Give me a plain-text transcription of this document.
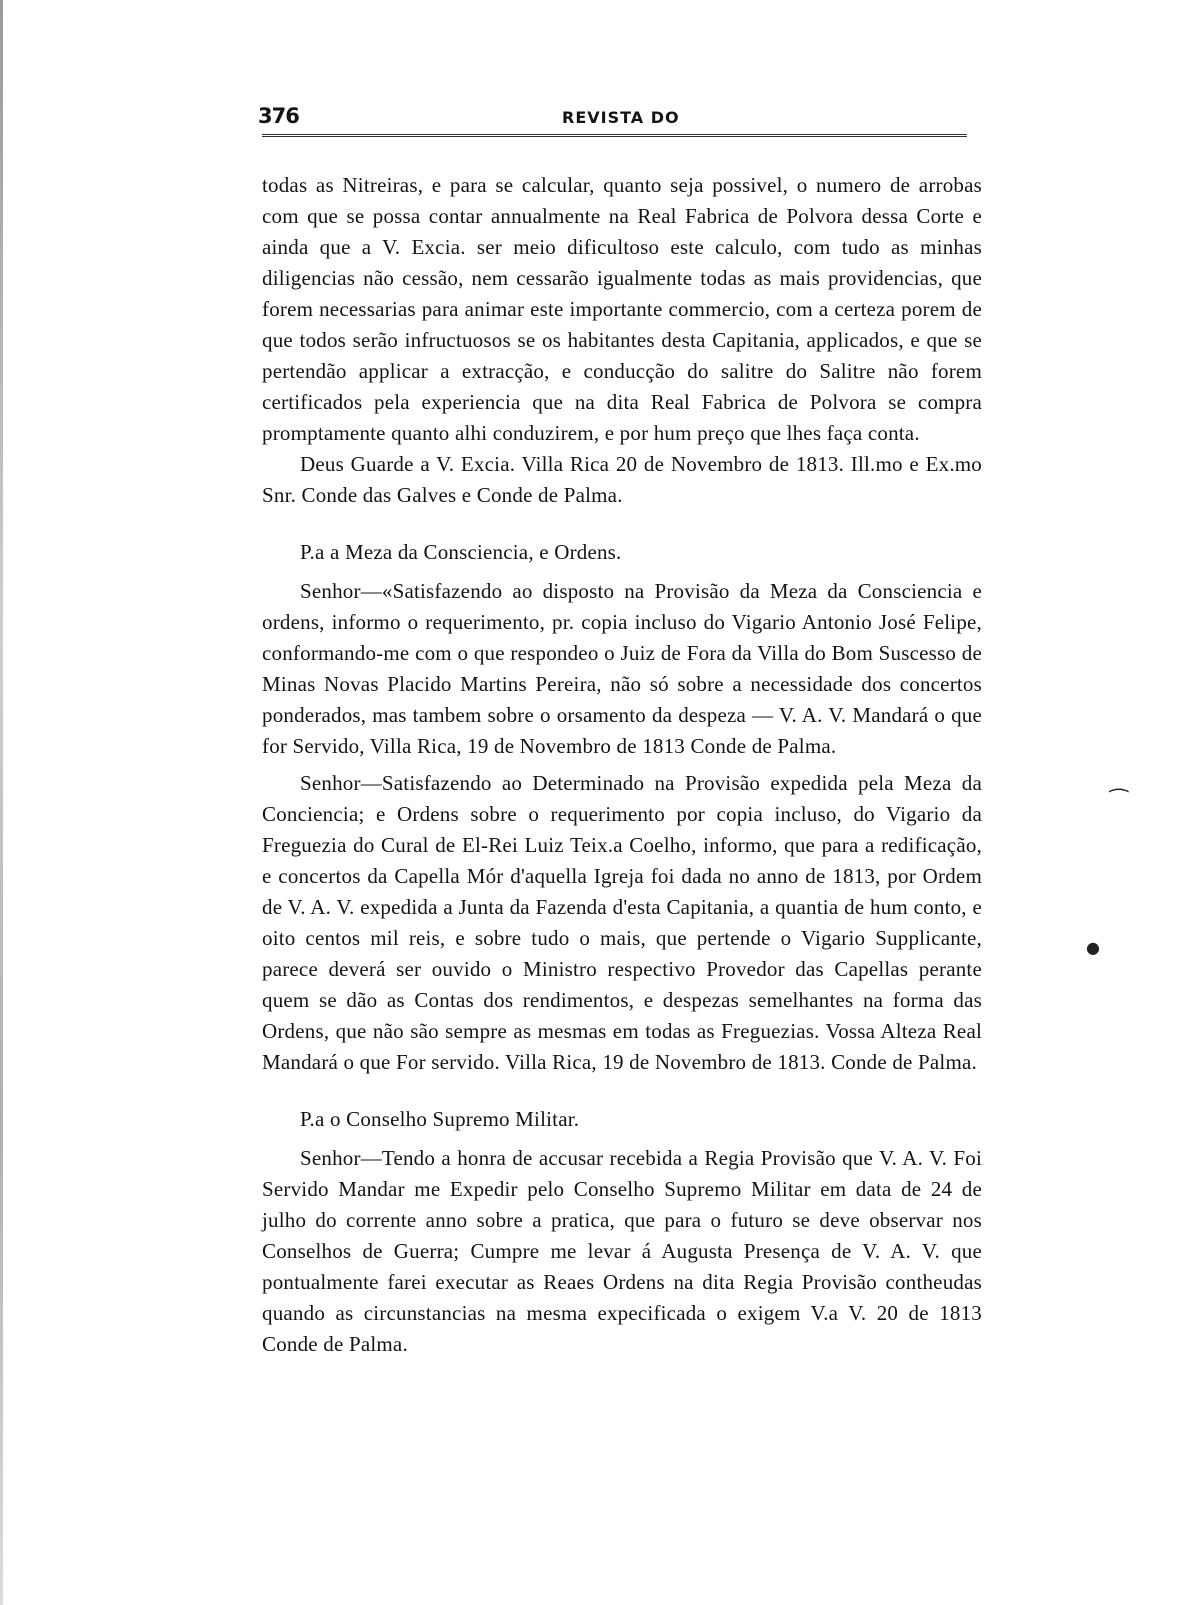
376	REVISTA DO

todas as Nitreiras, e para se calcular, quanto seja possivel, o numero de arrobas com que se possa contar annualmente na Real Fabrica de Polvora dessa Corte e ainda que a V. Excia. ser meio dificultoso este calculo, com tudo as minhas diligencias não cessão, nem cessarão igualmente todas as mais providencias, que forem necessarias para animar este importante commercio, com a certeza porem de que todos serão infructuosos se os habitantes desta Capitania, applicados, e que se pertendão applicar a extracção, e conducção do salitre do Salitre não forem certificados pela experiencia que na dita Real Fabrica de Polvora se compra promptamente quanto alhi conduzirem, e por hum preço que lhes faça conta.

Deus Guarde a V. Excia. Villa Rica 20 de Novembro de 1813. Ill.mo e Ex.mo Snr. Conde das Galves e Conde de Palma.

P.a a Meza da Consciencia, e Ordens.

Senhor—«Satisfazendo ao disposto na Provisão da Meza da Consciencia e ordens, informo o requerimento, pr. copia incluso do Vigario Antonio José Felipe, conformando-me com o que respondeo o Juiz de Fora da Villa do Bom Suscesso de Minas Novas Placido Martins Pereira, não só sobre a necessidade dos concertos ponderados, mas tambem sobre o orsamento da despeza — V. A. V. Mandará o que for Servido, Villa Rica, 19 de Novembro de 1813 Conde de Palma.

Senhor—Satisfazendo ao Determinado na Provisão expedida pela Meza da Conciencia; e Ordens sobre o requerimento por copia incluso, do Vigario da Freguezia do Cural de El-Rei Luiz Teix.a Coelho, informo, que para a redificação, e concertos da Capella Mór d'aquella Igreja foi dada no anno de 1813, por Ordem de V. A. V. expedida a Junta da Fazenda d'esta Capitania, a quantia de hum conto, e oito centos mil reis, e sobre tudo o mais, que pertende o Vigario Supplicante, parece deverá ser ouvido o Ministro respectivo Provedor das Capellas perante quem se dão as Contas dos rendimentos, e despezas semelhantes na forma das Ordens, que não são sempre as mesmas em todas as Freguezias. Vossa Alteza Real Mandará o que For servido. Villa Rica, 19 de Novembro de 1813. Conde de Palma.

P.a o Conselho Supremo Militar.

Senhor—Tendo a honra de accusar recebida a Regia Provisão que V. A. V. Foi Servido Mandar me Expedir pelo Conselho Supremo Militar em data de 24 de julho do corrente anno sobre a pratica, que para o futuro se deve observar nos Conselhos de Guerra; Cumpre me levar á Augusta Presença de V. A. V. que pontualmente farei executar as Reaes Ordens na dita Regia Provisão contheudas quando as circunstancias na mesma expecificada o exigem V.a V. 20 de 1813 Conde de Palma.

⁀
●
